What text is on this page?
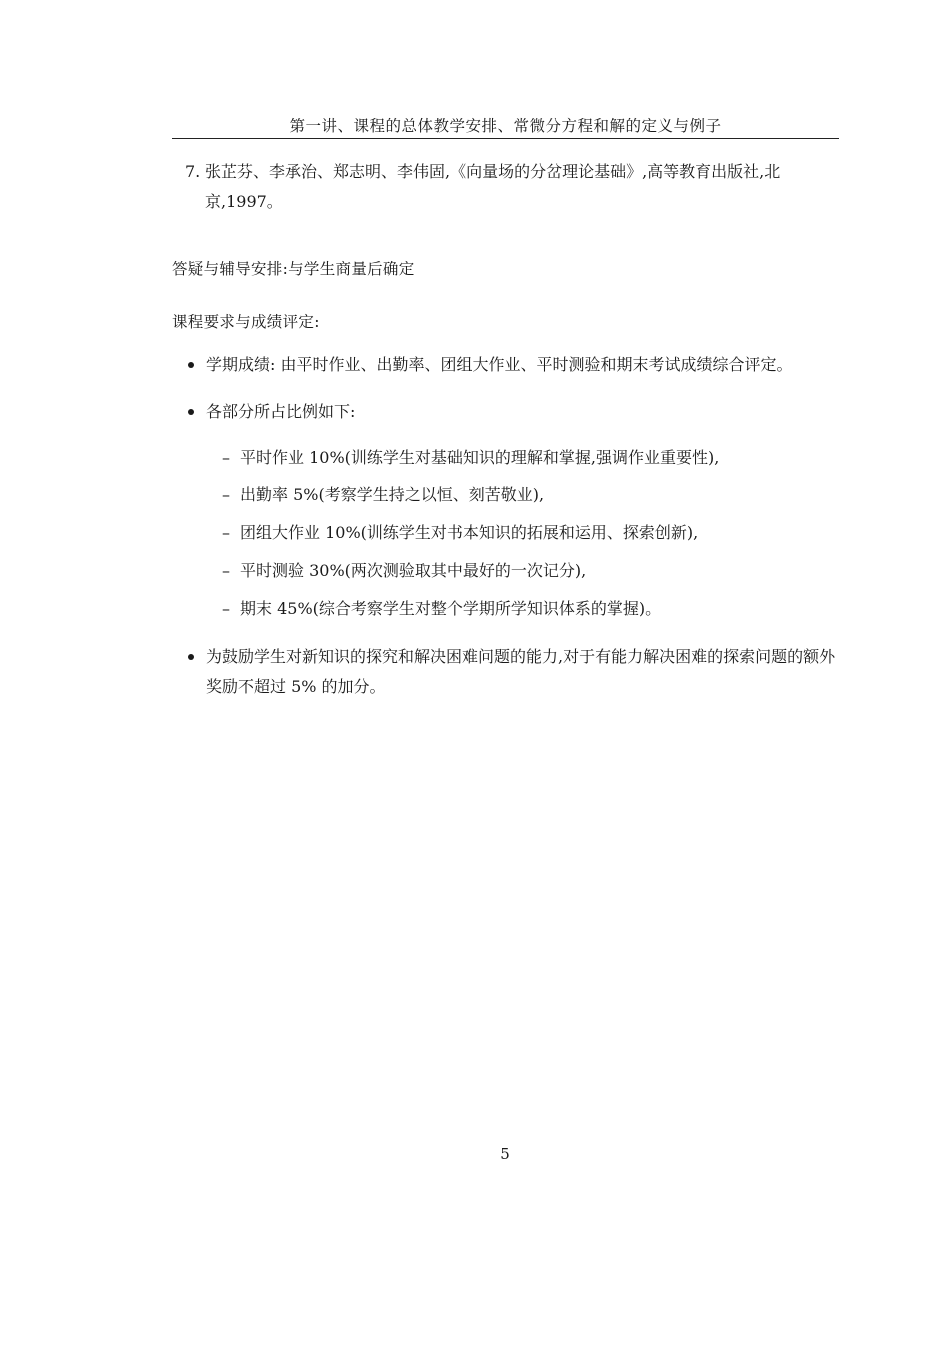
第一讲、课程的总体教学安排、常微分方程和解的定义与例子
7. 张芷芬、李承治、郑志明、李伟固,《向量场的分岔理论基础》,高等教育出版社,北京,1997。
答疑与辅导安排:与学生商量后确定
课程要求与成绩评定:
学期成绩: 由平时作业、出勤率、团组大作业、平时测验和期末考试成绩综合评定。
各部分所占比例如下:
– 平时作业 10%(训练学生对基础知识的理解和掌握,强调作业重要性),
– 出勤率 5%(考察学生持之以恒、刻苦敬业),
– 团组大作业 10%(训练学生对书本知识的拓展和运用、探索创新),
– 平时测验 30%(两次测验取其中最好的一次记分),
– 期末 45%(综合考察学生对整个学期所学知识体系的掌握)。
为鼓励学生对新知识的探究和解决困难问题的能力,对于有能力解决困难的探索问题的额外奖励不超过 5% 的加分。
5
